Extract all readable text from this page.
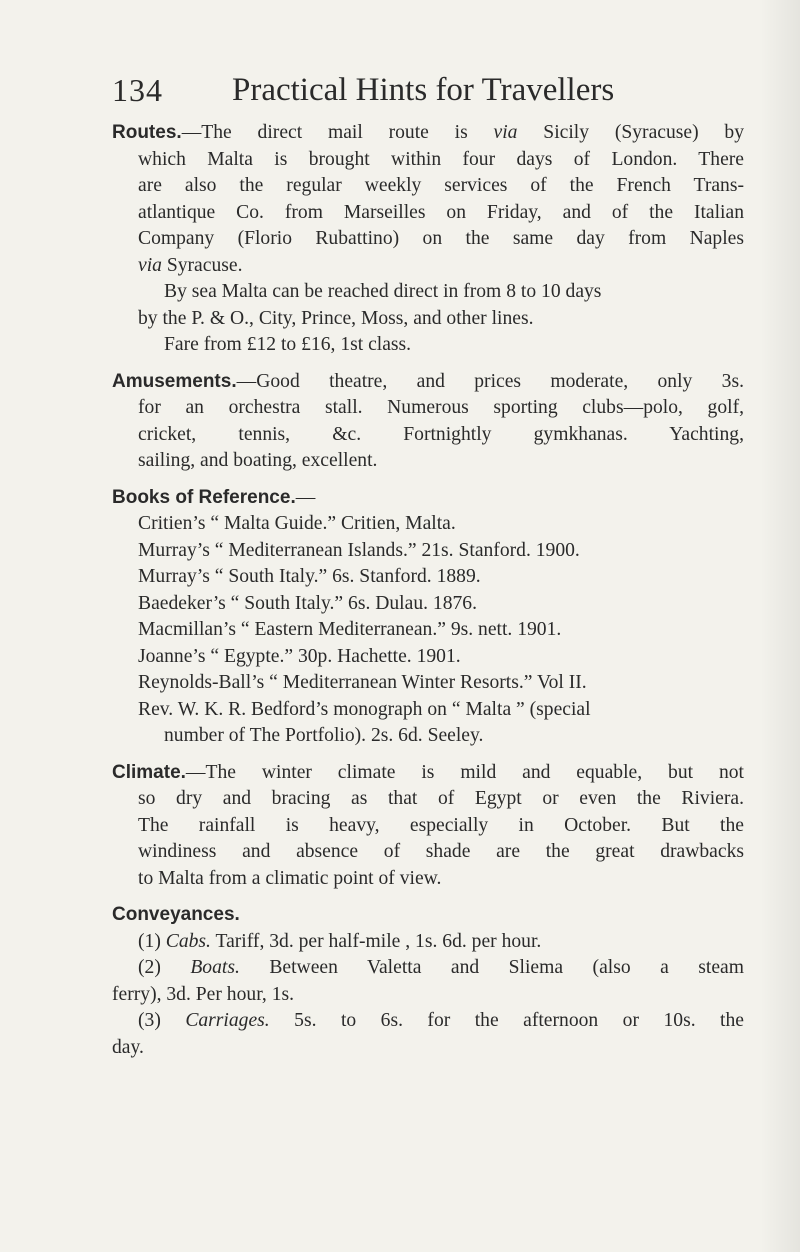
134 Practical Hints for Travellers
Routes.—The direct mail route is via Sicily (Syracuse) by
which Malta is brought within four days of London. There
are also the regular weekly services of the French Trans-
atlantique Co. from Marseilles on Friday, and of the Italian
Company (Florio Rubattino) on the same day from Naples
via Syracuse.
By sea Malta can be reached direct in from 8 to 10 days
by the P. & O., City, Prince, Moss, and other lines.
Fare from £12 to £16, 1st class.
Amusements.—Good theatre, and prices moderate, only 3s.
for an orchestra stall. Numerous sporting clubs—polo, golf,
cricket, tennis, &c. Fortnightly gymkhanas. Yachting,
sailing, and boating, excellent.
Books of Reference.—
Critien’s “ Malta Guide.” Critien, Malta.
Murray’s “ Mediterranean Islands.” 21s. Stanford. 1900.
Murray’s “ South Italy.” 6s. Stanford. 1889.
Baedeker’s “ South Italy.” 6s. Dulau. 1876.
Macmillan’s “ Eastern Mediterranean.” 9s. nett. 1901.
Joanne’s “ Egypte.” 30p. Hachette. 1901.
Reynolds-Ball’s “ Mediterranean Winter Resorts.” Vol II.
Rev. W. K. R. Bedford’s monograph on “ Malta ” (special
number of The Portfolio). 2s. 6d. Seeley.
Climate.—The winter climate is mild and equable, but not
so dry and bracing as that of Egypt or even the Riviera.
The rainfall is heavy, especially in October. But the
windiness and absence of shade are the great drawbacks
to Malta from a climatic point of view.
Conveyances.
(1) Cabs. Tariff, 3d. per half-mile , 1s. 6d. per hour.
(2) Boats. Between Valetta and Sliema (also a steam
ferry), 3d. Per hour, 1s.
(3) Carriages. 5s. to 6s. for the afternoon or 10s. the
day.
